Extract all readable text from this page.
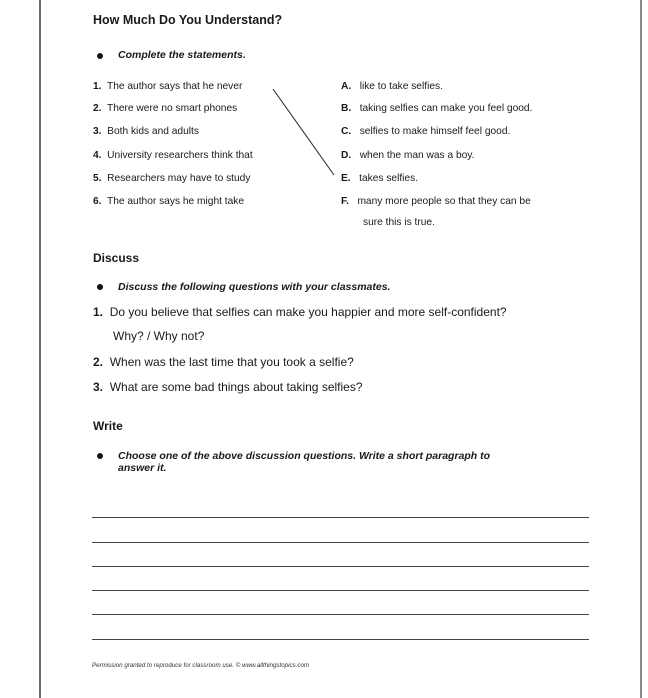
How Much Do You Understand?
Complete the statements.
1. The author says that he never
2. There were no smart phones
3. Both kids and adults
4. University researchers think that
5. Researchers may have to study
6. The author says he might take
A. like to take selfies.
B. taking selfies can make you feel good.
C. selfies to make himself feel good.
D. when the man was a boy.
E. takes selfies.
F. many more people so that they can be
sure this is true.
Discuss
Discuss the following questions with your classmates.
1. Do you believe that selfies can make you happier and more self-confident?
Why? / Why not?
2. When was the last time that you took a selfie?
3. What are some bad things about taking selfies?
Write
Choose one of the above discussion questions. Write a short paragraph to
answer it.
Permission granted to reproduce for classroom use. © www.allthingstopics.com
